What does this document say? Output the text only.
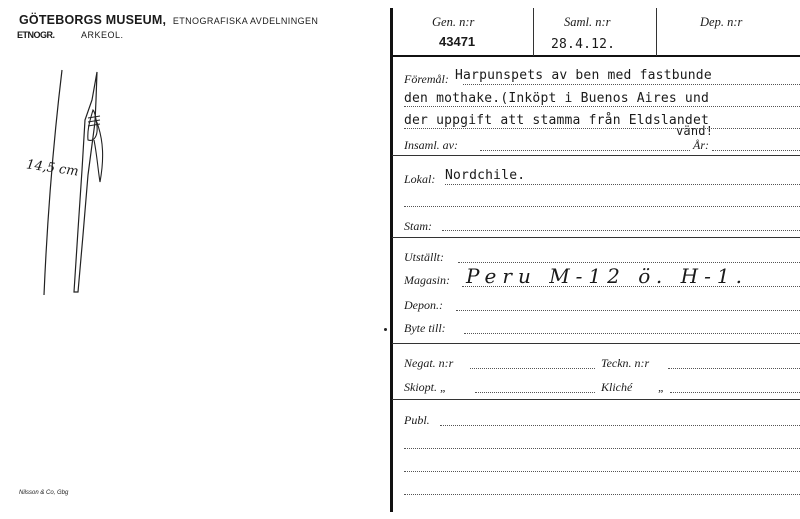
GÖTEBORGS MUSEUM, ETNOGRAFISKA AVDELNINGEN
ETNOGR.	ARKEOL.
14,5 cm
Nilsson & Co, Gbg
Gen. n:r
43471
Saml. n:r
28.4.12.
Dep. n:r
Föremål: Harpunspets av ben med fastbunde
den mothake.(Inköpt i Buenos Aires und
der uppgift att stamma från Eldslandet
vänd!
Insaml. av:	År:
Lokal: Nordchile.
Stam:
Utställt:
Magasin: Peru M-12 ö. H-1.
Depon.:
Byte till:
Negat. n:r	Teckn. n:r
Skiopt. „	Kliché „
Publ.
